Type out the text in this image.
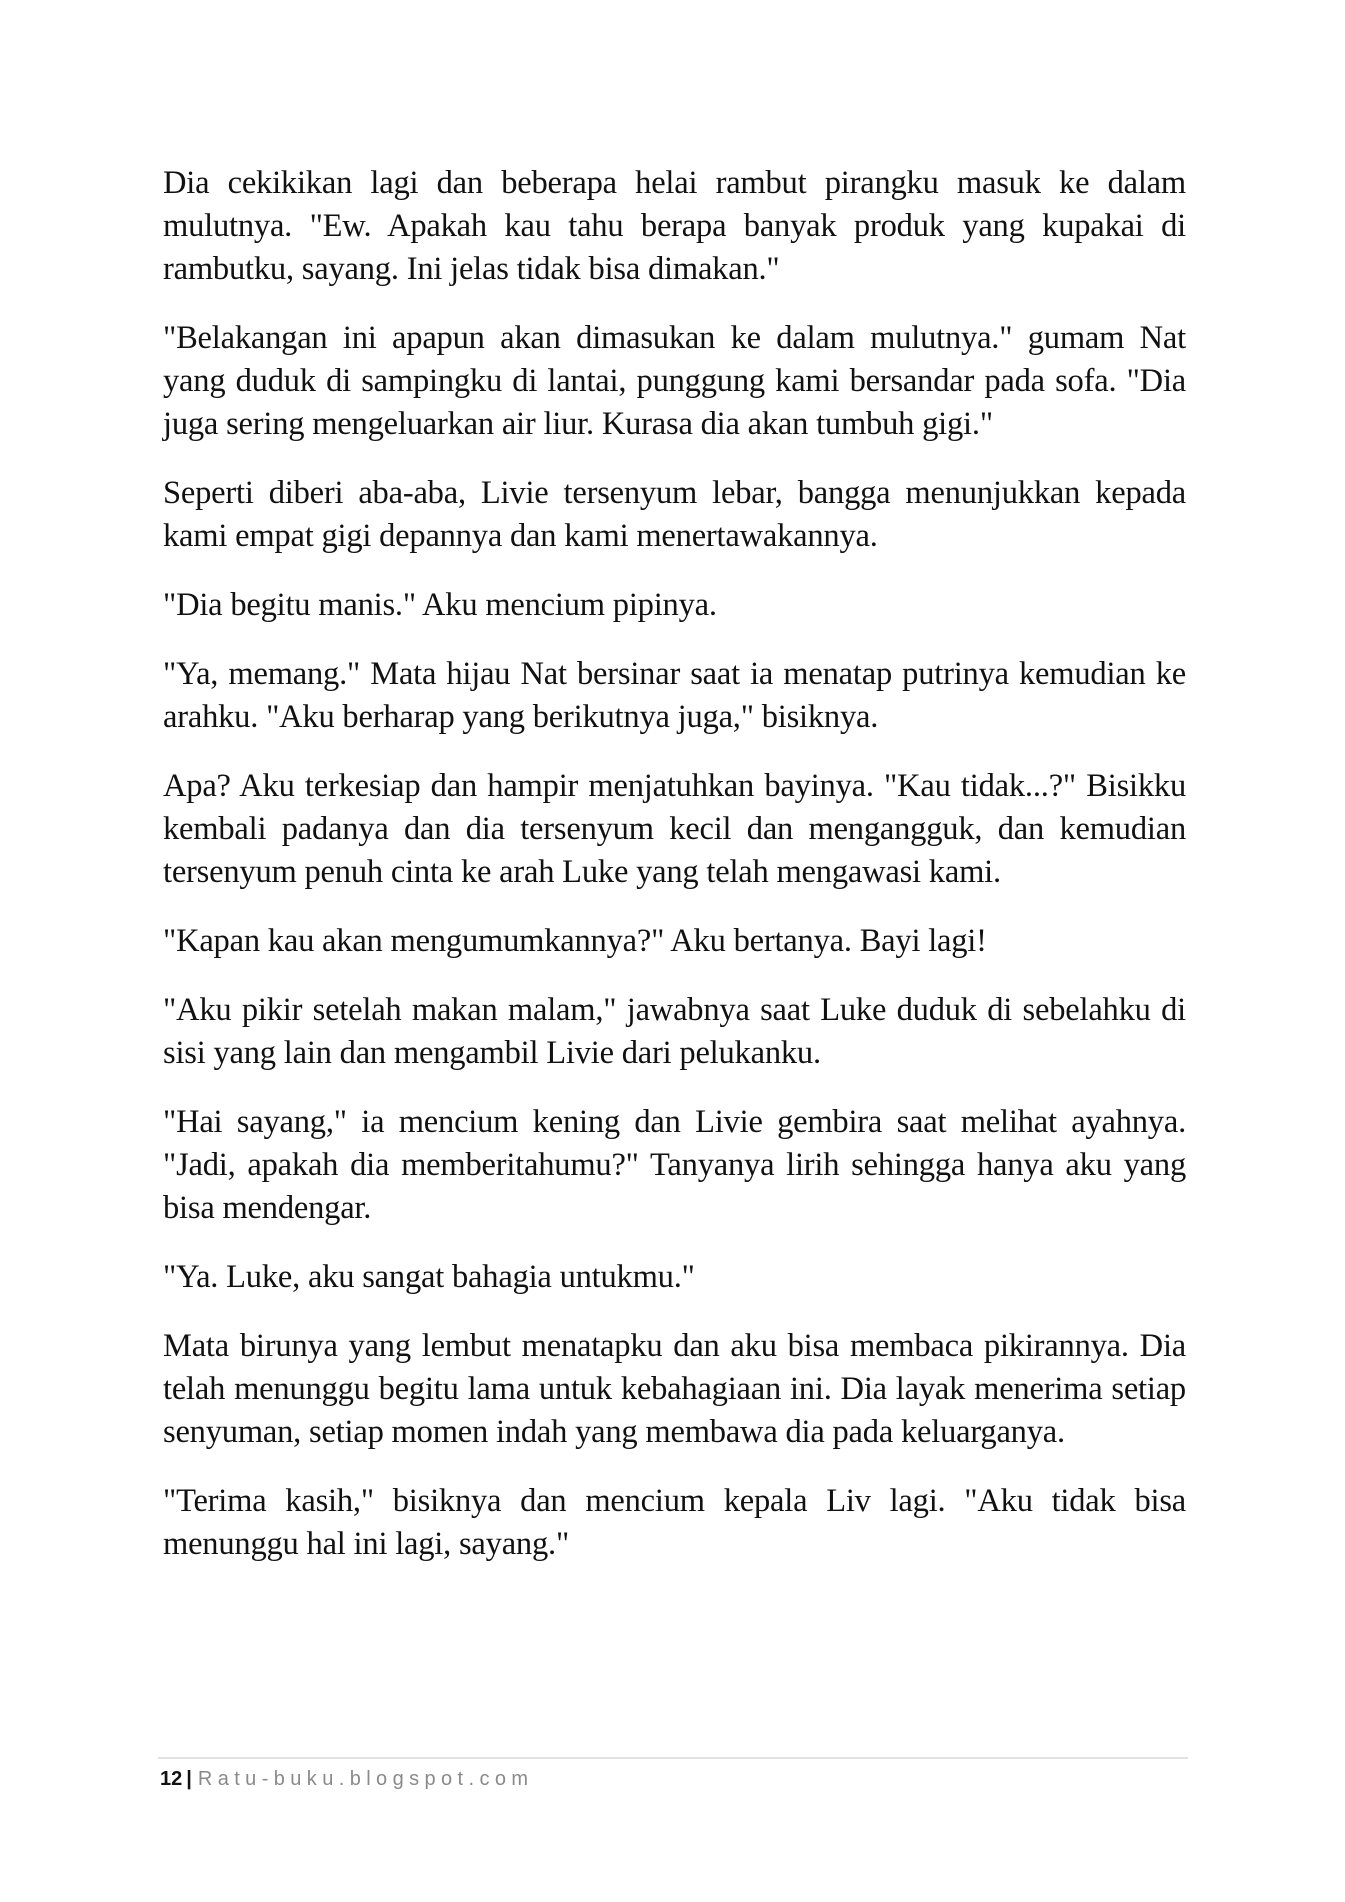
Dia cekikikan lagi dan beberapa helai rambut pirangku masuk ke dalam mulutnya. "Ew. Apakah kau tahu berapa banyak produk yang kupakai di rambutku, sayang. Ini jelas tidak bisa dimakan."

"Belakangan ini apapun akan dimasukan ke dalam mulutnya." gumam Nat yang duduk di sampingku di lantai, punggung kami bersandar pada sofa. "Dia juga sering mengeluarkan air liur. Kurasa dia akan tumbuh gigi."

Seperti diberi aba-aba, Livie tersenyum lebar, bangga menunjukkan kepada kami empat gigi depannya dan kami menertawakannya.

"Dia begitu manis." Aku mencium pipinya.

"Ya, memang." Mata hijau Nat bersinar saat ia menatap putrinya kemudian ke arahku. "Aku berharap yang berikutnya juga," bisiknya.

Apa? Aku terkesiap dan hampir menjatuhkan bayinya. "Kau tidak...?" Bisikku kembali padanya dan dia tersenyum kecil dan mengangguk, dan kemudian tersenyum penuh cinta ke arah Luke yang telah mengawasi kami.

"Kapan kau akan mengumumkannya?" Aku bertanya. Bayi lagi!

"Aku pikir setelah makan malam," jawabnya saat Luke duduk di sebelahku di sisi yang lain dan mengambil Livie dari pelukanku.

"Hai sayang," ia mencium kening dan Livie gembira saat melihat ayahnya. "Jadi, apakah dia memberitahumu?" Tanyanya lirih sehingga hanya aku yang bisa mendengar.

"Ya. Luke, aku sangat bahagia untukmu."

Mata birunya yang lembut menatapku dan aku bisa membaca pikirannya. Dia telah menunggu begitu lama untuk kebahagiaan ini. Dia layak menerima setiap senyuman, setiap momen indah yang membawa dia pada keluarganya.

"Terima kasih," bisiknya dan mencium kepala Liv lagi. "Aku tidak bisa menunggu hal ini lagi, sayang."

12 | Ratu-buku.blogspot.com
